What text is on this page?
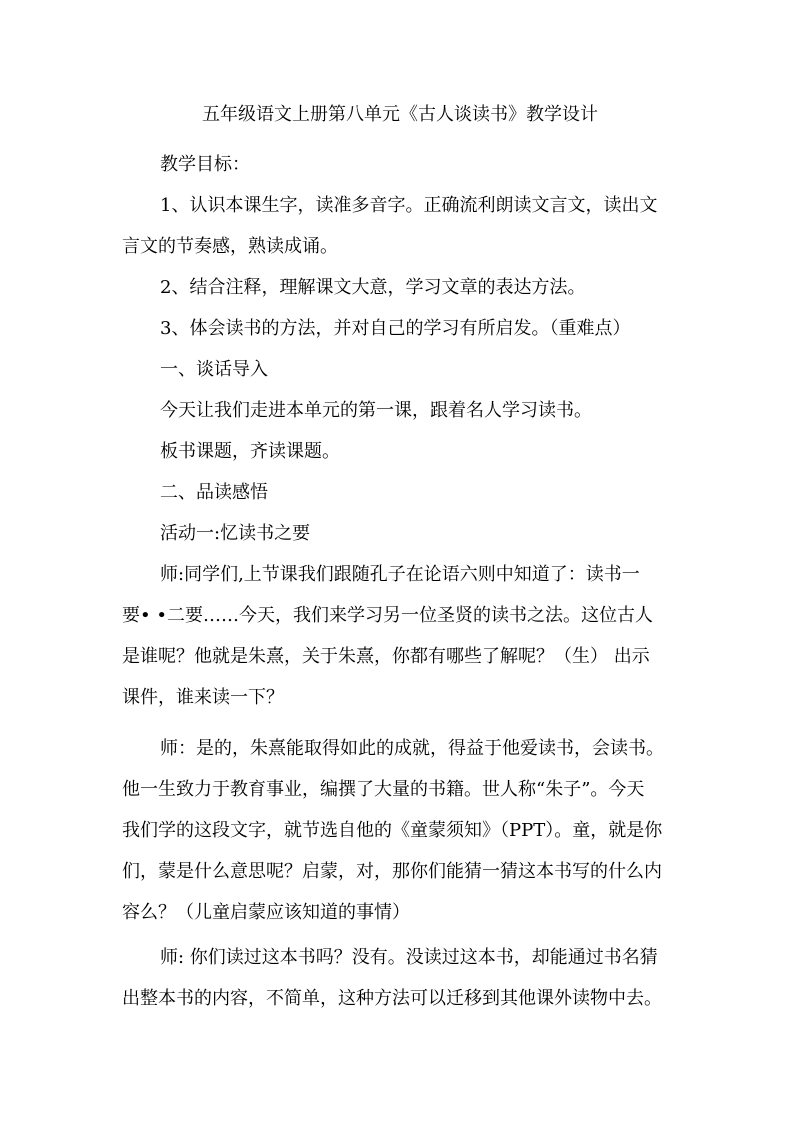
五年级语文上册第八单元《古人谈读书》教学设计
教学目标：
1、认识本课生字，读准多音字。正确流利朗读文言文，读出文
言文的节奏感，熟读成诵。
2、结合注释，理解课文大意，学习文章的表达方法。
3、体会读书的方法，并对自己的学习有所启发。（重难点）
一、谈话导入
今天让我们走进本单元的第一课，跟着名人学习读书。
板书课题，齐读课题。
二、品读感悟
活动一:忆读书之要
师:同学们,上节课我们跟随孔子在论语六则中知道了：读书一
要• •二要……今天，我们来学习另一位圣贤的读书之法。这位古人
是谁呢？他就是朱熹，关于朱熹，你都有哪些了解呢？（生） 出示
课件，谁来读一下？
师：是的，朱熹能取得如此的成就，得益于他爱读书，会读书。
他一生致力于教育事业，编撰了大量的书籍。世人称“朱子”。今天
我们学的这段文字，就节选自他的《童蒙须知》（PPT）。童，就是你
们，蒙是什么意思呢？启蒙，对，那你们能猜一猜这本书写的什么内
容么？（儿童启蒙应该知道的事情）
师: 你们读过这本书吗？没有。没读过这本书，却能通过书名猜
出整本书的内容，不简单，这种方法可以迁移到其他课外读物中去。
